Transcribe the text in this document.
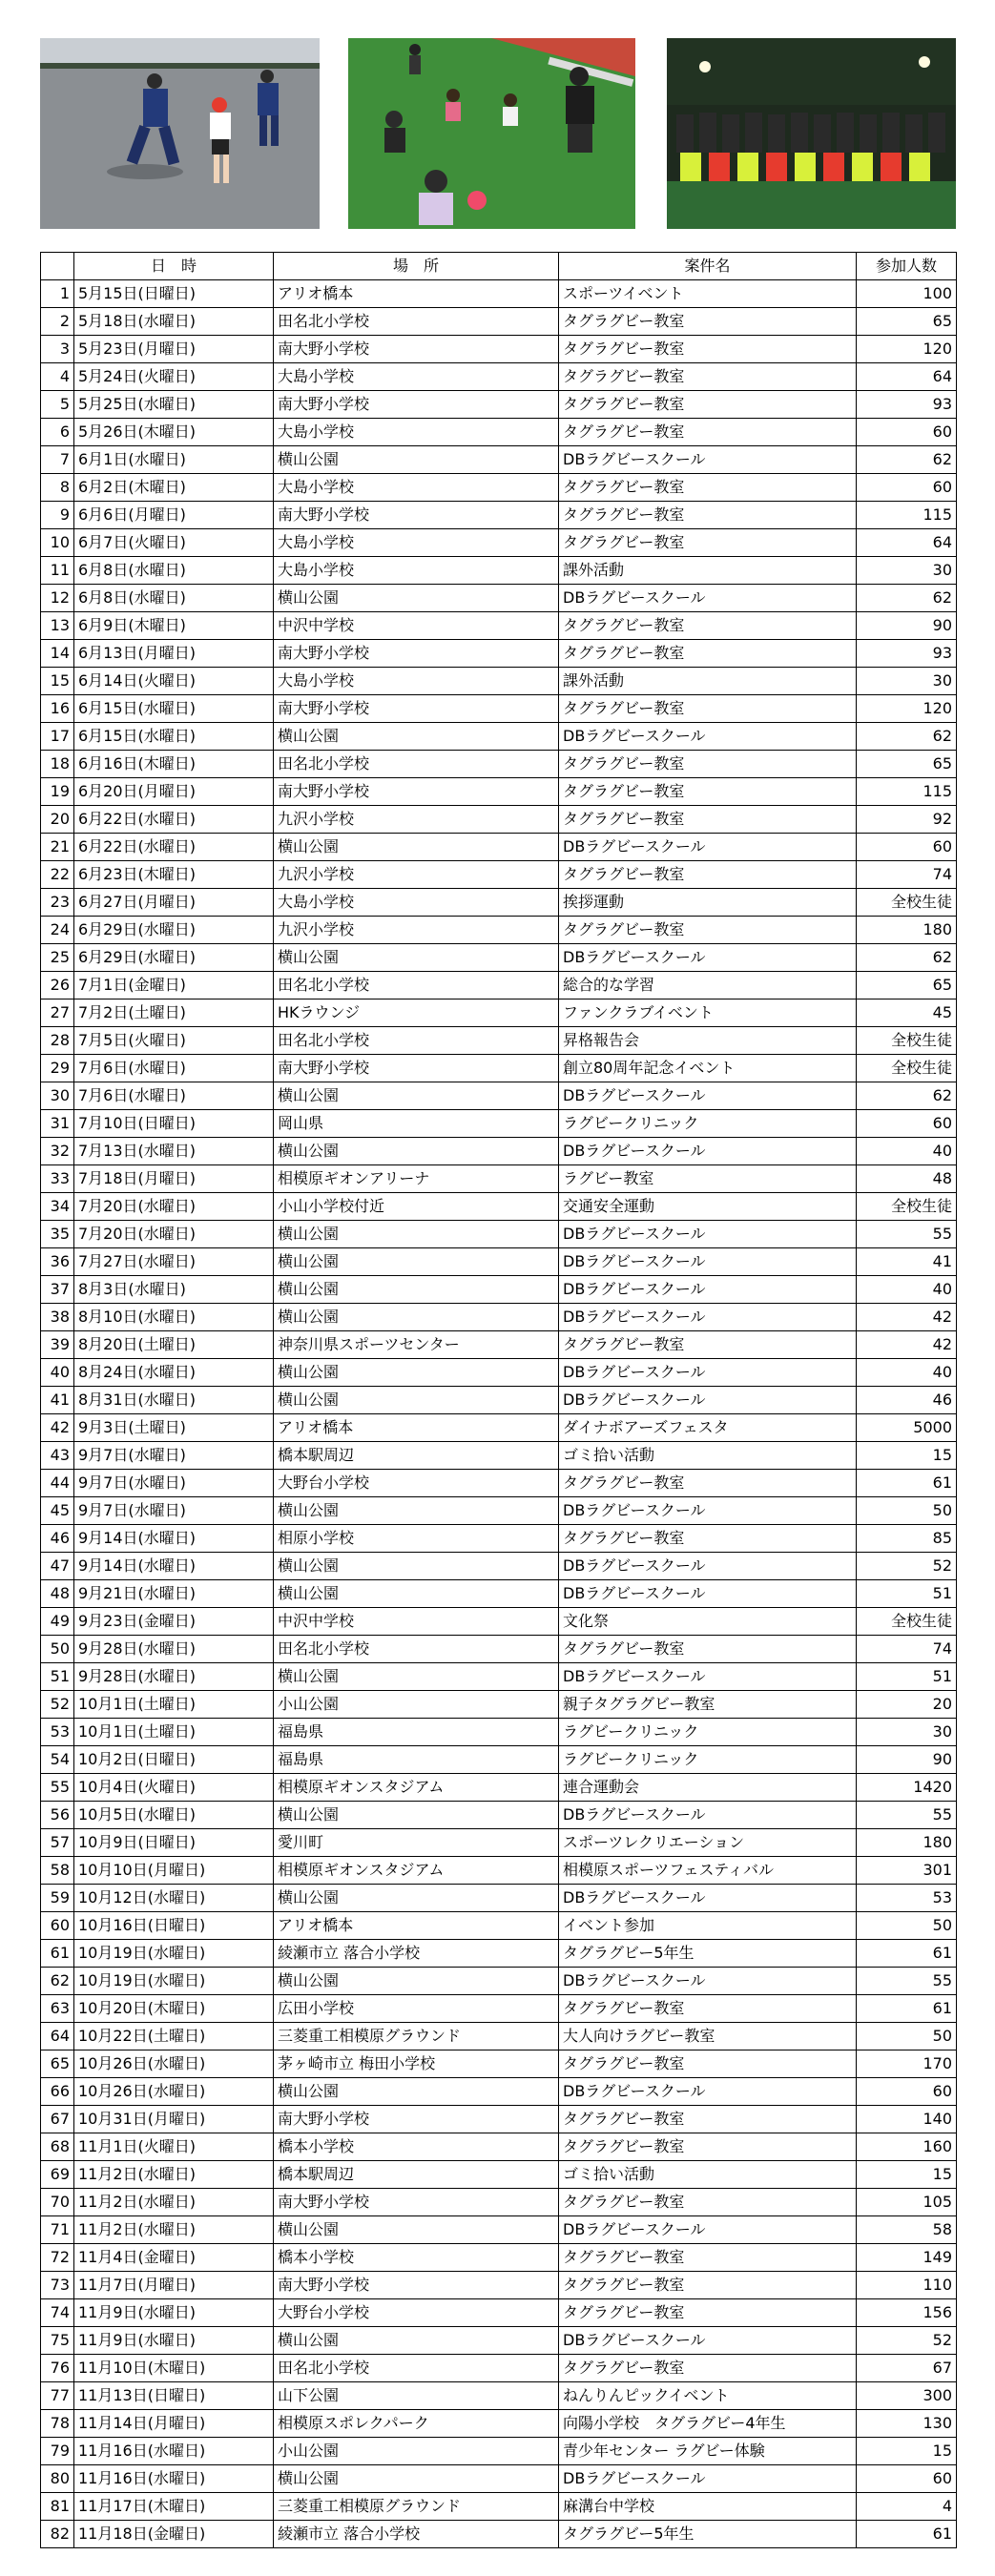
	日　時	場　所	案件名	参加人数
1	5月15日(日曜日)	アリオ橋本	スポーツイベント	100
2	5月18日(水曜日)	田名北小学校	タグラグビー教室	65
3	5月23日(月曜日)	南大野小学校	タグラグビー教室	120
4	5月24日(火曜日)	大島小学校	タグラグビー教室	64
5	5月25日(水曜日)	南大野小学校	タグラグビー教室	93
6	5月26日(木曜日)	大島小学校	タグラグビー教室	60
7	6月1日(水曜日)	横山公園	DBラグビースクール	62
8	6月2日(木曜日)	大島小学校	タグラグビー教室	60
9	6月6日(月曜日)	南大野小学校	タグラグビー教室	115
10	6月7日(火曜日)	大島小学校	タグラグビー教室	64
11	6月8日(水曜日)	大島小学校	課外活動	30
12	6月8日(水曜日)	横山公園	DBラグビースクール	62
13	6月9日(木曜日)	中沢中学校	タグラグビー教室	90
14	6月13日(月曜日)	南大野小学校	タグラグビー教室	93
15	6月14日(火曜日)	大島小学校	課外活動	30
16	6月15日(水曜日)	南大野小学校	タグラグビー教室	120
17	6月15日(水曜日)	横山公園	DBラグビースクール	62
18	6月16日(木曜日)	田名北小学校	タグラグビー教室	65
19	6月20日(月曜日)	南大野小学校	タグラグビー教室	115
20	6月22日(水曜日)	九沢小学校	タグラグビー教室	92
21	6月22日(水曜日)	横山公園	DBラグビースクール	60
22	6月23日(木曜日)	九沢小学校	タグラグビー教室	74
23	6月27日(月曜日)	大島小学校	挨拶運動	全校生徒
24	6月29日(水曜日)	九沢小学校	タグラグビー教室	180
25	6月29日(水曜日)	横山公園	DBラグビースクール	62
26	7月1日(金曜日)	田名北小学校	総合的な学習	65
27	7月2日(土曜日)	HKラウンジ	ファンクラブイベント	45
28	7月5日(火曜日)	田名北小学校	昇格報告会	全校生徒
29	7月6日(水曜日)	南大野小学校	創立80周年記念イベント	全校生徒
30	7月6日(水曜日)	横山公園	DBラグビースクール	62
31	7月10日(日曜日)	岡山県	ラグビークリニック	60
32	7月13日(水曜日)	横山公園	DBラグビースクール	40
33	7月18日(月曜日)	相模原ギオンアリーナ	ラグビー教室	48
34	7月20日(水曜日)	小山小学校付近	交通安全運動	全校生徒
35	7月20日(水曜日)	横山公園	DBラグビースクール	55
36	7月27日(水曜日)	横山公園	DBラグビースクール	41
37	8月3日(水曜日)	横山公園	DBラグビースクール	40
38	8月10日(水曜日)	横山公園	DBラグビースクール	42
39	8月20日(土曜日)	神奈川県スポーツセンター	タグラグビー教室	42
40	8月24日(水曜日)	横山公園	DBラグビースクール	40
41	8月31日(水曜日)	横山公園	DBラグビースクール	46
42	9月3日(土曜日)	アリオ橋本	ダイナボアーズフェスタ	5000
43	9月7日(水曜日)	橋本駅周辺	ゴミ拾い活動	15
44	9月7日(水曜日)	大野台小学校	タグラグビー教室	61
45	9月7日(水曜日)	横山公園	DBラグビースクール	50
46	9月14日(水曜日)	相原小学校	タグラグビー教室	85
47	9月14日(水曜日)	横山公園	DBラグビースクール	52
48	9月21日(水曜日)	横山公園	DBラグビースクール	51
49	9月23日(金曜日)	中沢中学校	文化祭	全校生徒
50	9月28日(水曜日)	田名北小学校	タグラグビー教室	74
51	9月28日(水曜日)	横山公園	DBラグビースクール	51
52	10月1日(土曜日)	小山公園	親子タグラグビー教室	20
53	10月1日(土曜日)	福島県	ラグビークリニック	30
54	10月2日(日曜日)	福島県	ラグビークリニック	90
55	10月4日(火曜日)	相模原ギオンスタジアム	連合運動会	1420
56	10月5日(水曜日)	横山公園	DBラグビースクール	55
57	10月9日(日曜日)	愛川町	スポーツレクリエーション	180
58	10月10日(月曜日)	相模原ギオンスタジアム	相模原スポーツフェスティバル	301
59	10月12日(水曜日)	横山公園	DBラグビースクール	53
60	10月16日(日曜日)	アリオ橋本	イベント参加	50
61	10月19日(水曜日)	綾瀬市立 落合小学校	タグラグビー5年生	61
62	10月19日(水曜日)	横山公園	DBラグビースクール	55
63	10月20日(木曜日)	広田小学校	タグラグビー教室	61
64	10月22日(土曜日)	三菱重工相模原グラウンド	大人向けラグビー教室	50
65	10月26日(水曜日)	茅ヶ崎市立 梅田小学校	タグラグビー教室	170
66	10月26日(水曜日)	横山公園	DBラグビースクール	60
67	10月31日(月曜日)	南大野小学校	タグラグビー教室	140
68	11月1日(火曜日)	橋本小学校	タグラグビー教室	160
69	11月2日(水曜日)	橋本駅周辺	ゴミ拾い活動	15
70	11月2日(水曜日)	南大野小学校	タグラグビー教室	105
71	11月2日(水曜日)	横山公園	DBラグビースクール	58
72	11月4日(金曜日)	橋本小学校	タグラグビー教室	149
73	11月7日(月曜日)	南大野小学校	タグラグビー教室	110
74	11月9日(水曜日)	大野台小学校	タグラグビー教室	156
75	11月9日(水曜日)	横山公園	DBラグビースクール	52
76	11月10日(木曜日)	田名北小学校	タグラグビー教室	67
77	11月13日(日曜日)	山下公園	ねんりんピックイベント	300
78	11月14日(月曜日)	相模原スポレクパーク	向陽小学校　タグラグビー4年生	130
79	11月16日(水曜日)	小山公園	青少年センター ラグビー体験	15
80	11月16日(水曜日)	横山公園	DBラグビースクール	60
81	11月17日(木曜日)	三菱重工相模原グラウンド	麻溝台中学校	4
82	11月18日(金曜日)	綾瀬市立 落合小学校	タグラグビー5年生	61
